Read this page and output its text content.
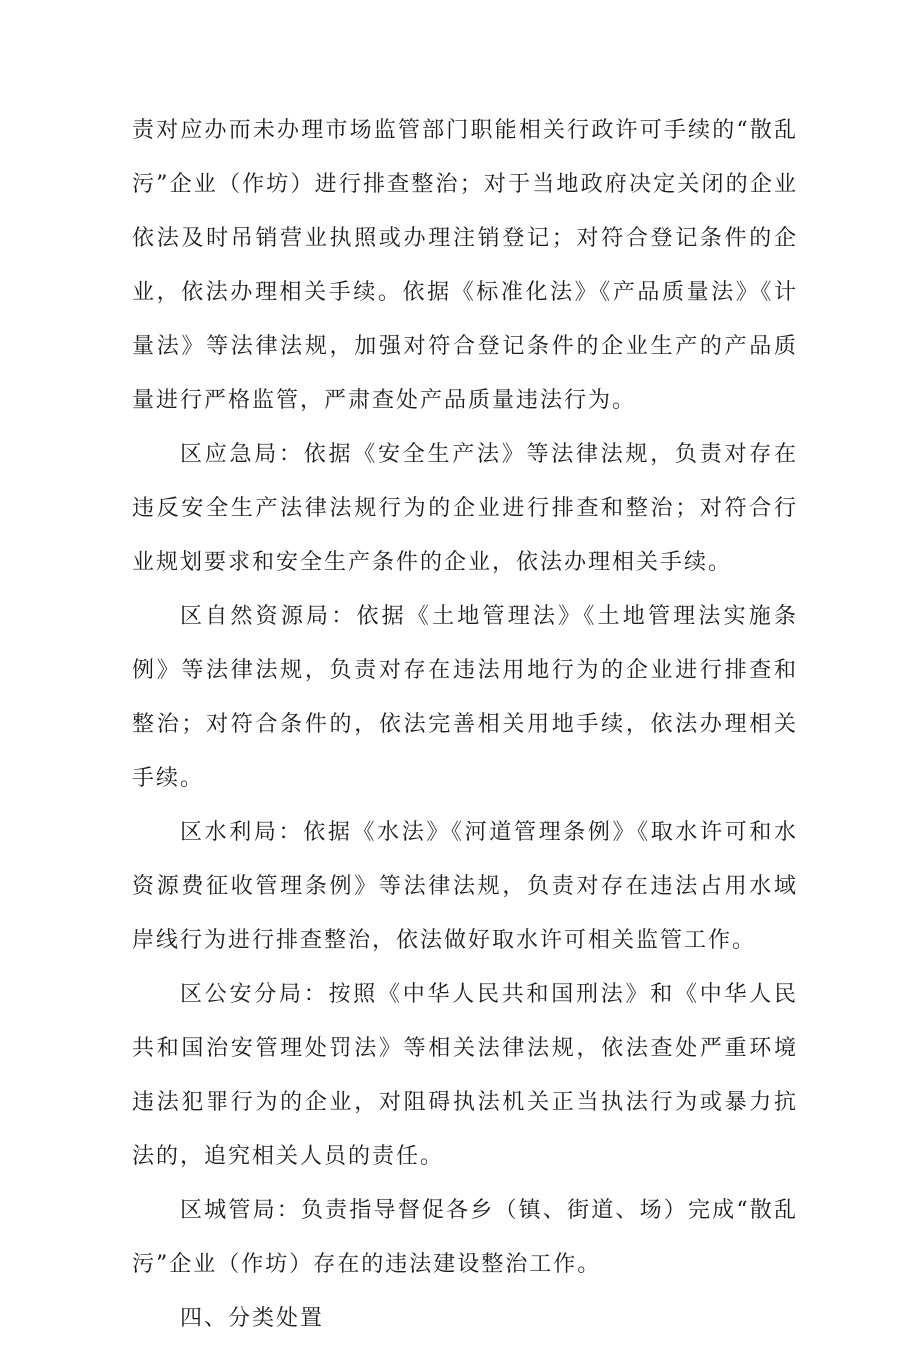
责对应办而未办理市场监管部门职能相关行政许可手续的“散乱污”企业（作坊）进行排查整治；对于当地政府决定关闭的企业依法及时吊销营业执照或办理注销登记；对符合登记条件的企业，依法办理相关手续。依据《标准化法》《产品质量法》《计量法》等法律法规，加强对符合登记条件的企业生产的产品质量进行严格监管，严肃查处产品质量违法行为。

区应急局：依据《安全生产法》等法律法规，负责对存在违反安全生产法律法规行为的企业进行排查和整治；对符合行业规划要求和安全生产条件的企业，依法办理相关手续。

区自然资源局：依据《土地管理法》《土地管理法实施条例》等法律法规，负责对存在违法用地行为的企业进行排查和整治；对符合条件的，依法完善相关用地手续，依法办理相关手续。

区水利局：依据《水法》《河道管理条例》《取水许可和水资源费征收管理条例》等法律法规，负责对存在违法占用水域岸线行为进行排查整治，依法做好取水许可相关监管工作。

区公安分局：按照《中华人民共和国刑法》和《中华人民共和国治安管理处罚法》等相关法律法规，依法查处严重环境违法犯罪行为的企业，对阻碍执法机关正当执法行为或暴力抗法的，追究相关人员的责任。

区城管局：负责指导督促各乡（镇、街道、场）完成“散乱污”企业（作坊）存在的违法建设整治工作。

四、分类处置
